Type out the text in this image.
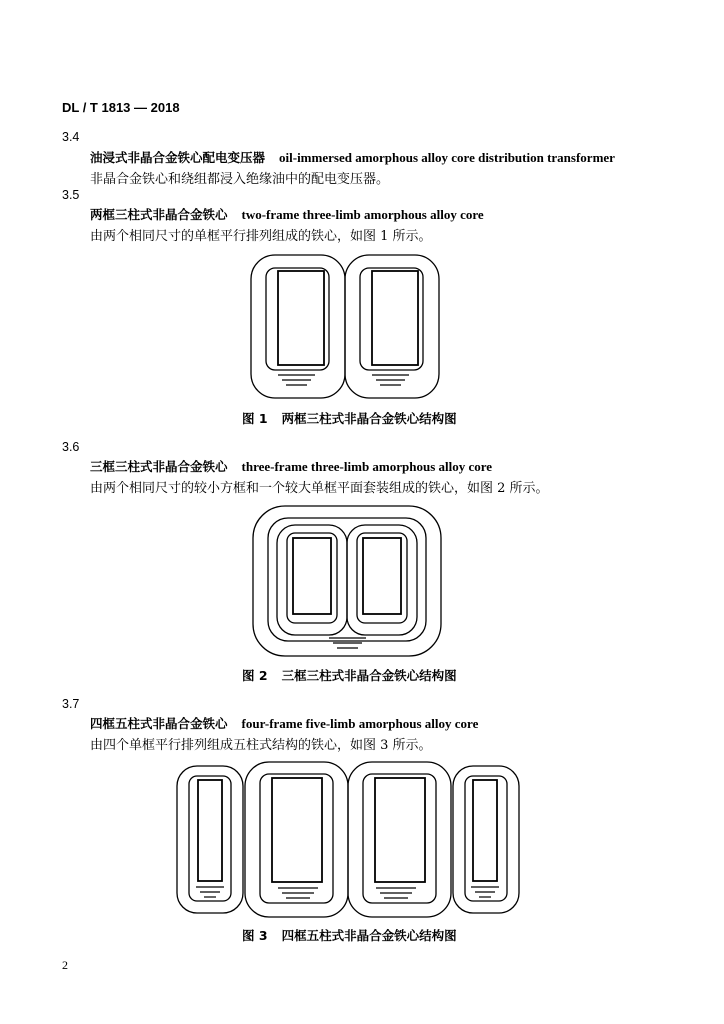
DL / T 1813 — 2018
3.4
油浸式非晶合金铁心配电变压器 oil-immersed amorphous alloy core distribution transformer
非晶合金铁心和绕组都浸入绝缘油中的配电变压器。
3.5
两框三柱式非晶合金铁心 two-frame three-limb amorphous alloy core
由两个相同尺寸的单框平行排列组成的铁心，如图 1 所示。
图 1 两框三柱式非晶合金铁心结构图
3.6
三框三柱式非晶合金铁心 three-frame three-limb amorphous alloy core
由两个相同尺寸的较小方框和一个较大单框平面套装组成的铁心，如图 2 所示。
图 2 三框三柱式非晶合金铁心结构图
3.7
四框五柱式非晶合金铁心 four-frame five-limb amorphous alloy core
由四个单框平行排列组成五柱式结构的铁心，如图 3 所示。
图 3 四框五柱式非晶合金铁心结构图
2
